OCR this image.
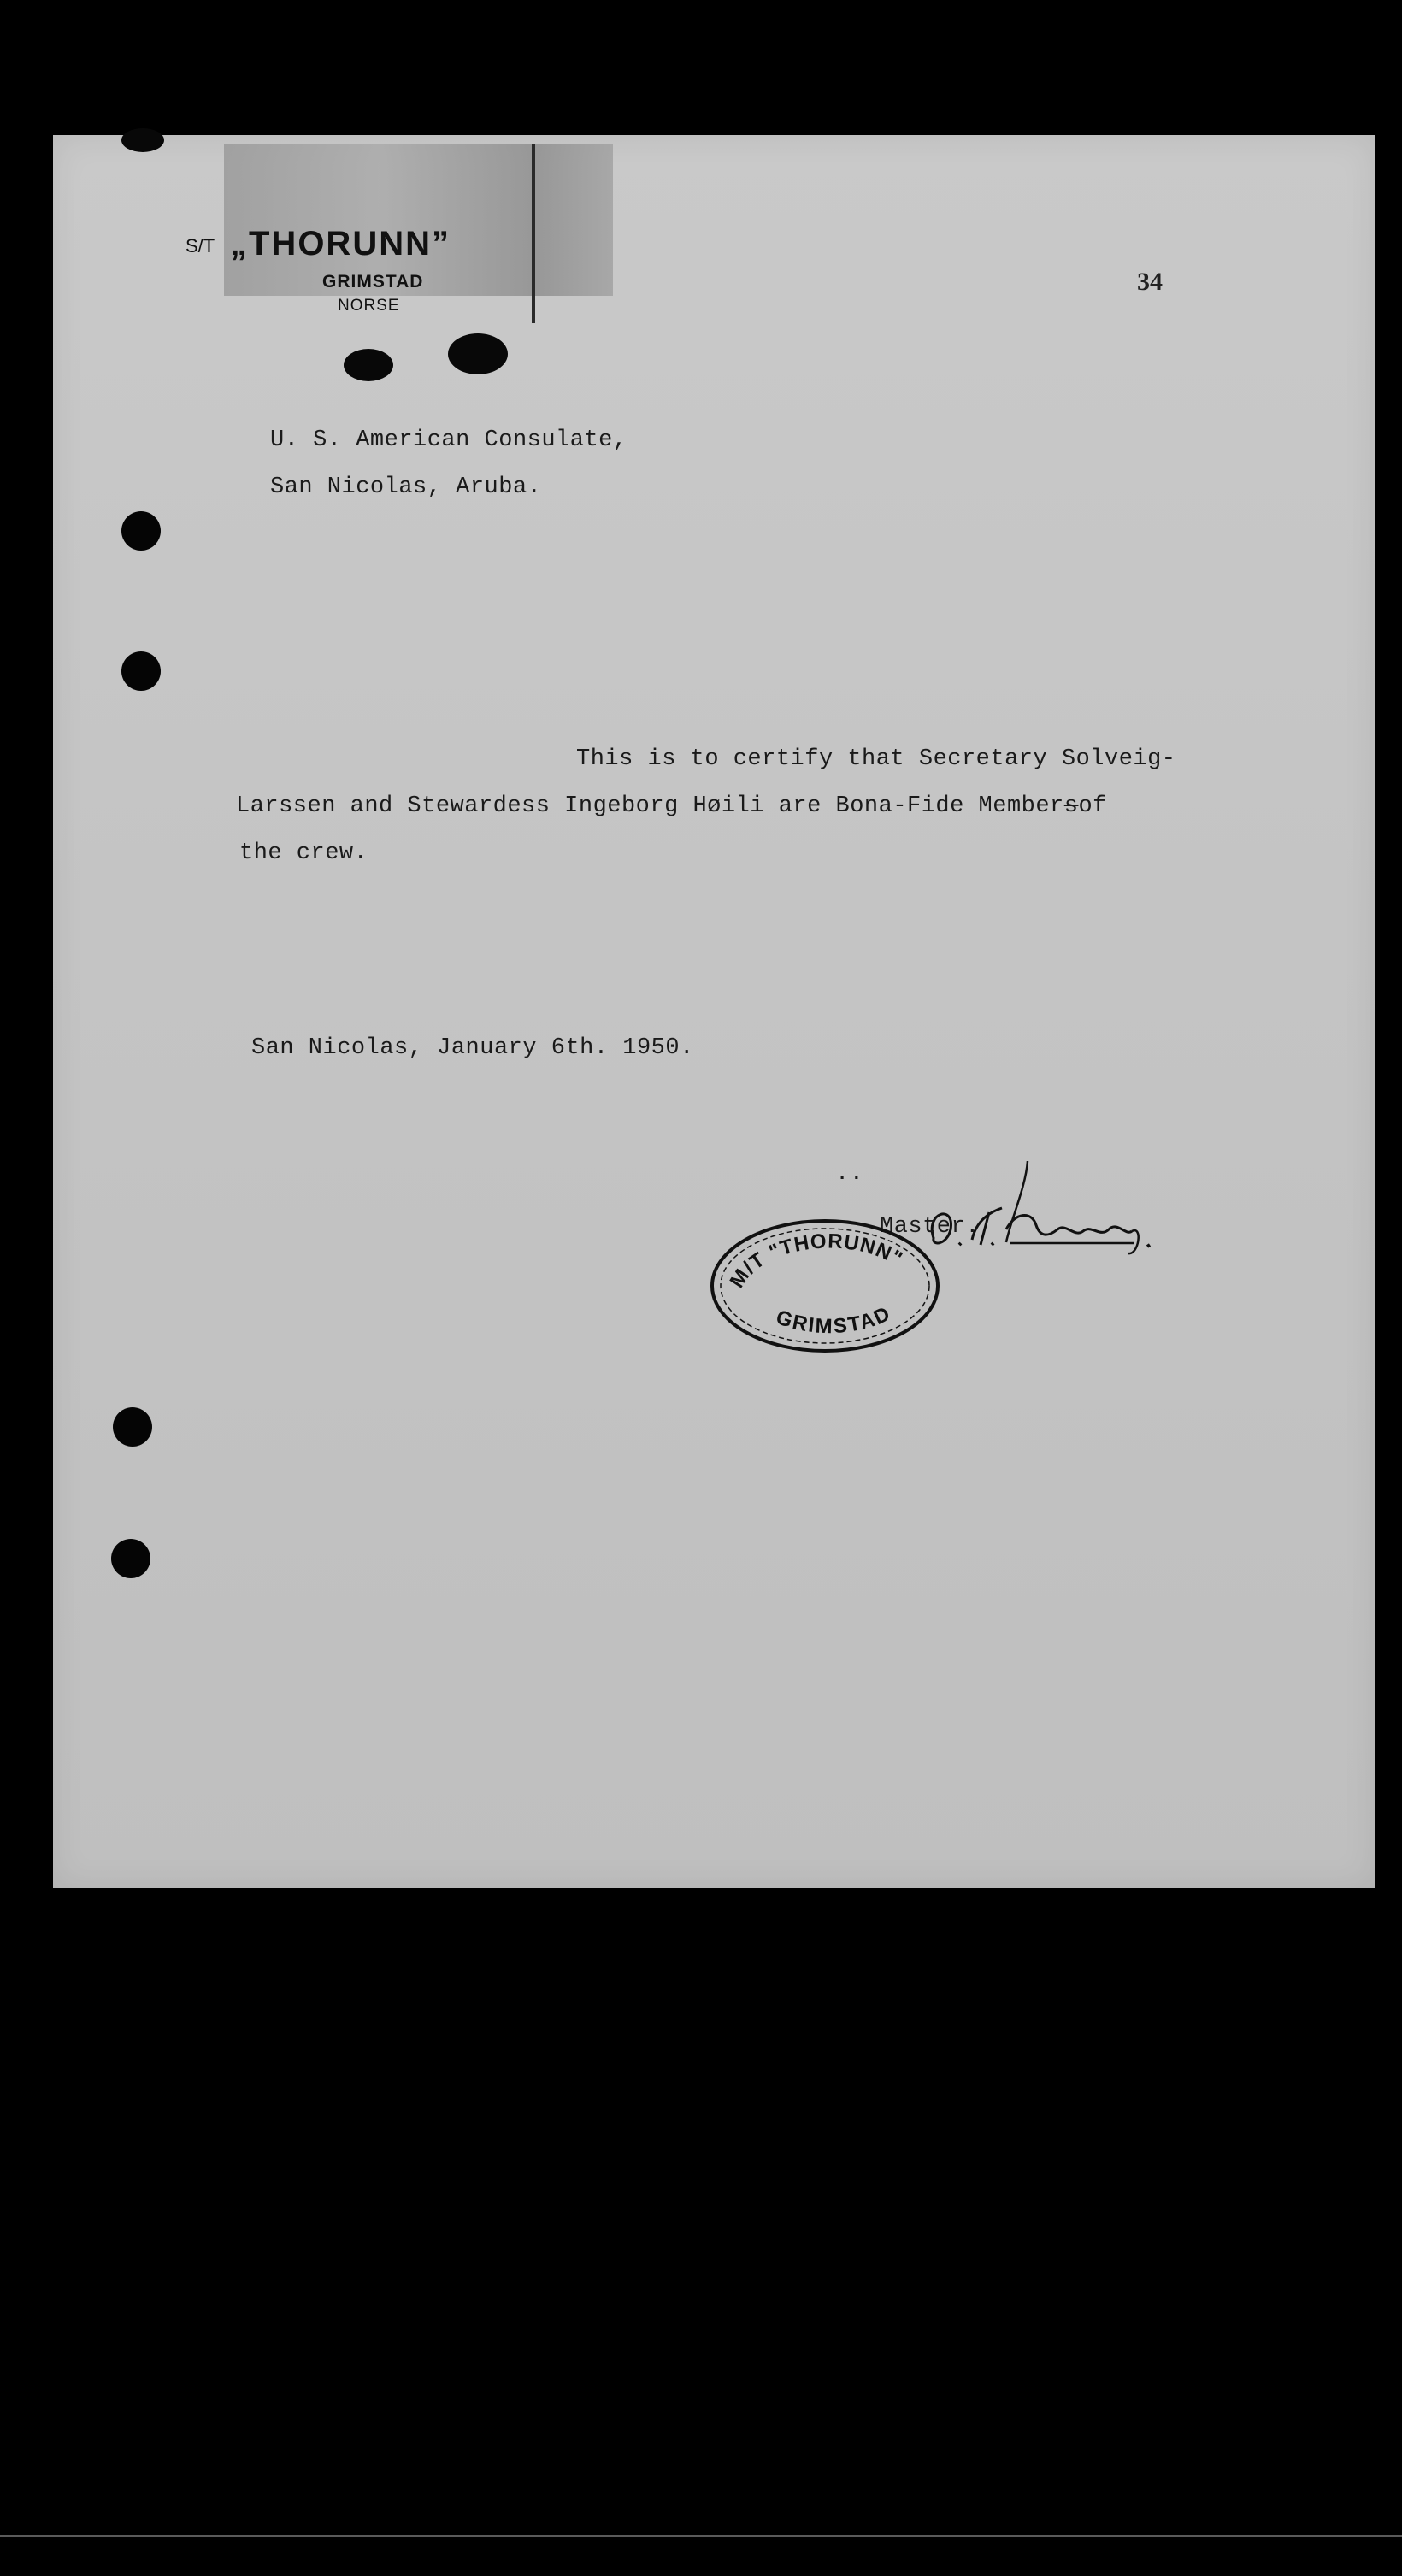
S/T „THORUNN”
GRIMSTAD
NORSE
34
U. S. American Consulate,
San Nicolas, Aruba.
This is to certify that Secretary Solveig-
Larssen and Stewardess Ingeborg Høili are Bona-Fide Membersof
the crew.
San Nicolas, January 6th. 1950.
..
Master.
M/T "THORUNN"
GRIMSTAD
